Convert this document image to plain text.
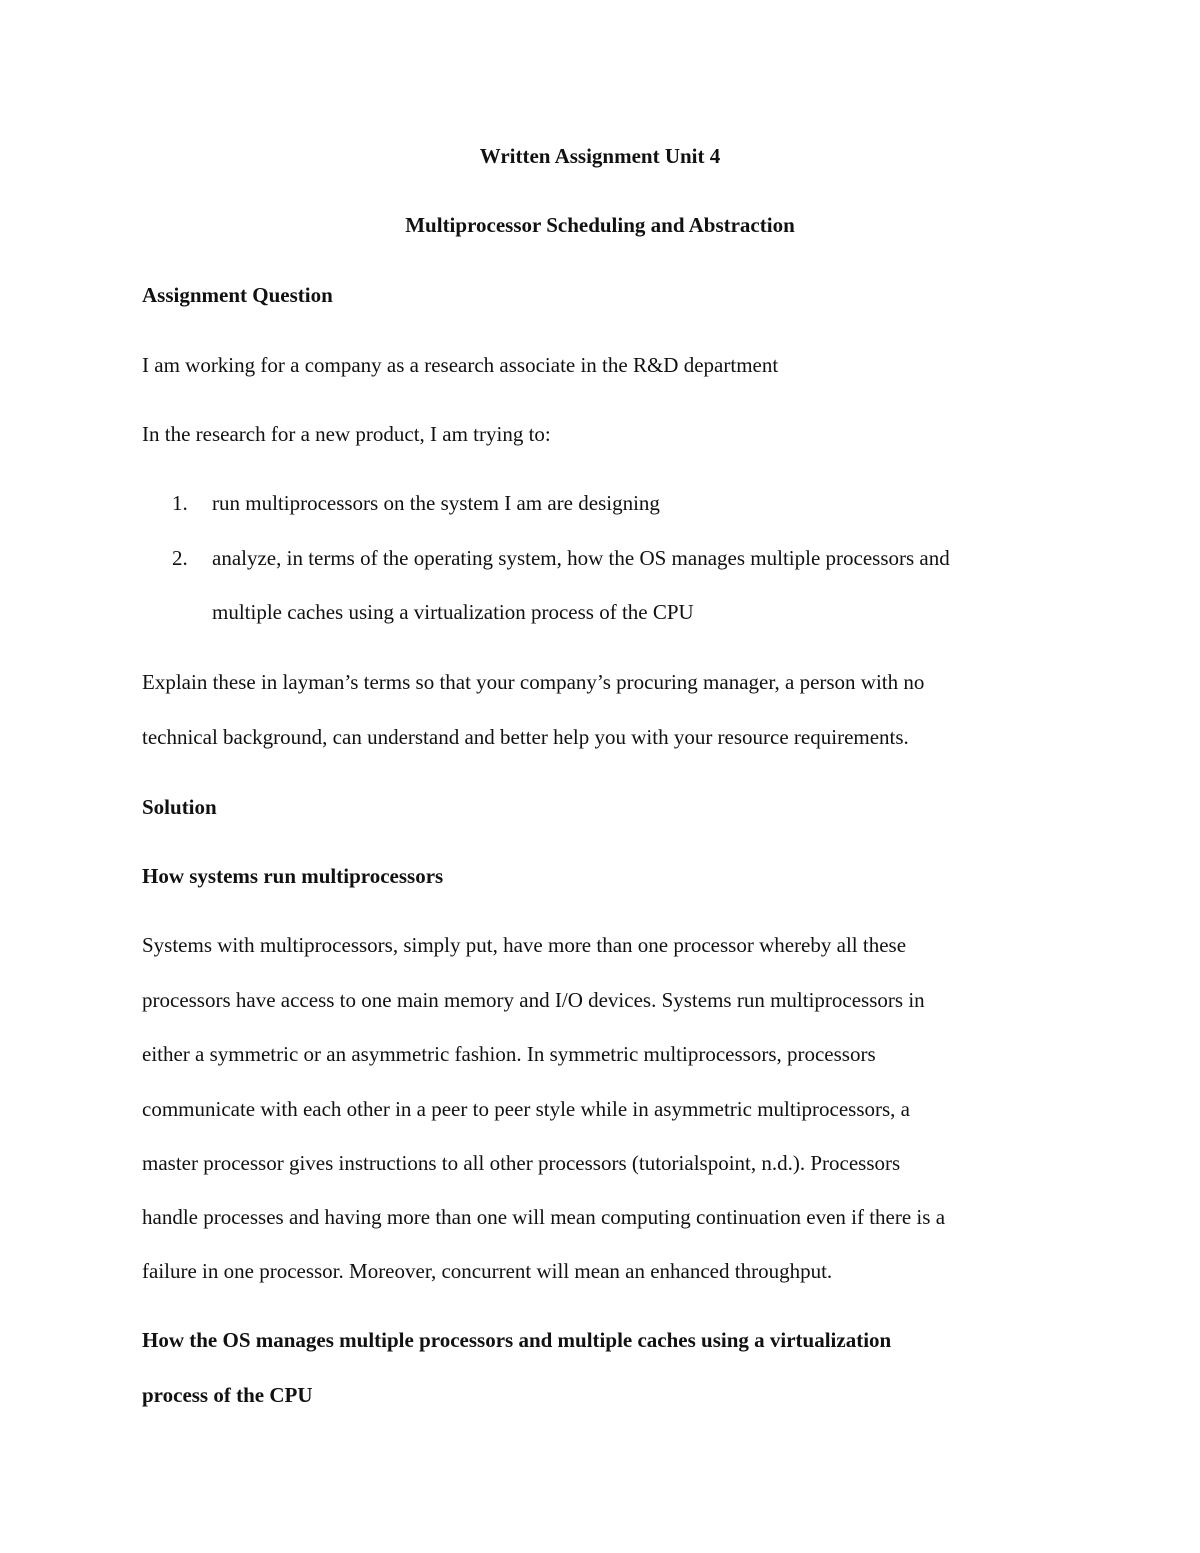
Written Assignment Unit 4
Multiprocessor Scheduling and Abstraction
Assignment Question
I am working for a company as a research associate in the R&D department
In the research for a new product, I am trying to:
1. run multiprocessors on the system I am are designing
2. analyze, in terms of the operating system, how the OS manages multiple processors and
multiple caches using a virtualization process of the CPU
Explain these in layman’s terms so that your company’s procuring manager, a person with no
technical background, can understand and better help you with your resource requirements.
Solution
How systems run multiprocessors
Systems with multiprocessors, simply put, have more than one processor whereby all these
processors have access to one main memory and I/O devices. Systems run multiprocessors in
either a symmetric or an asymmetric fashion. In symmetric multiprocessors, processors
communicate with each other in a peer to peer style while in asymmetric multiprocessors, a
master processor gives instructions to all other processors (tutorialspoint, n.d.). Processors
handle processes and having more than one will mean computing continuation even if there is a
failure in one processor. Moreover, concurrent will mean an enhanced throughput.
How the OS manages multiple processors and multiple caches using a virtualization
process of the CPU
